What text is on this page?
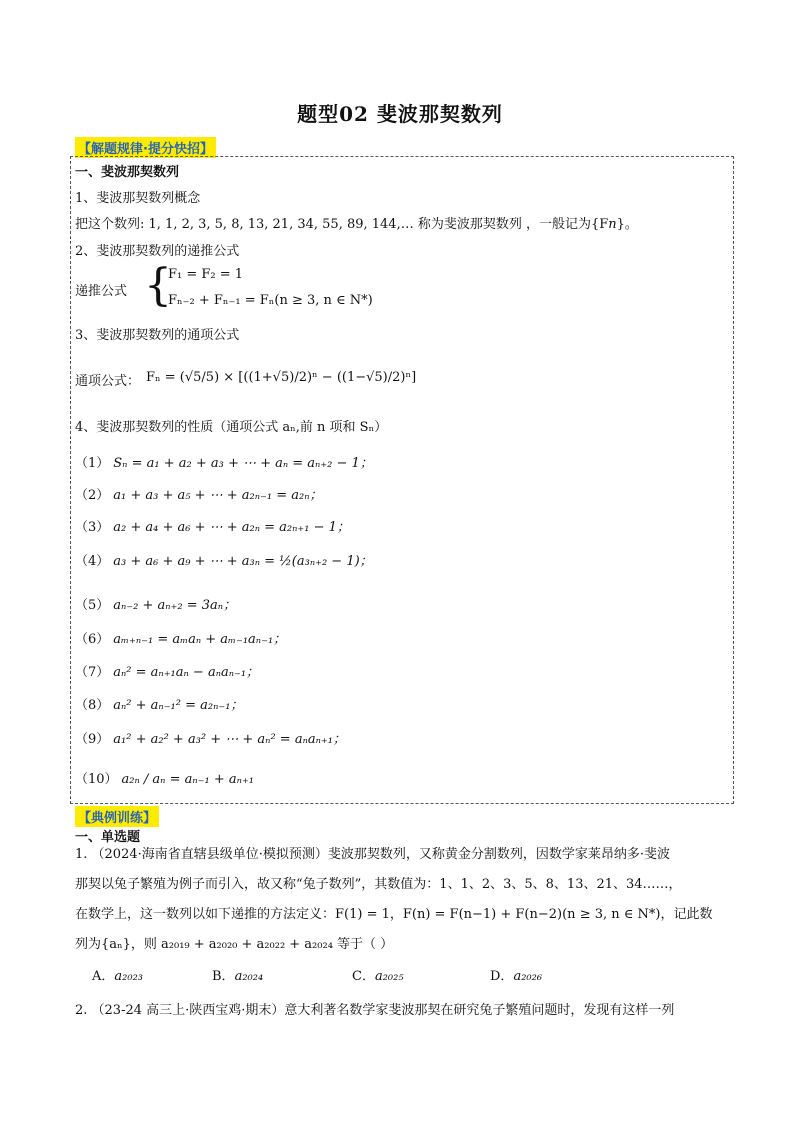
题型02 斐波那契数列
【解题规律·提分快招】
一、斐波那契数列
1、斐波那契数列概念
把这个数列: 1, 1, 2, 3, 5, 8, 13, 21, 34, 55, 89, 144,… 称为斐波那契数列 ，一般记为{Fn}。
2、斐波那契数列的递推公式
递推公式 {
F₁ = F₂ = 1
Fₙ₋₂ + Fₙ₋₁ = Fₙ(n ≥ 3, n ∈ N*)
3、斐波那契数列的通项公式
通项公式： Fₙ = (√5/5) × [((1+√5)/2)ⁿ − ((1−√5)/2)ⁿ]
4、斐波那契数列的性质（通项公式 aₙ,前 n 项和 Sₙ）
（1） Sₙ = a₁ + a₂ + a₃ + ⋯ + aₙ = aₙ₊₂ − 1；
（2） a₁ + a₃ + a₅ + ⋯ + a₂ₙ₋₁ = a₂ₙ；
（3） a₂ + a₄ + a₆ + ⋯ + a₂ₙ = a₂ₙ₊₁ − 1；
（4） a₃ + a₆ + a₉ + ⋯ + a₃ₙ = ½(a₃ₙ₊₂ − 1)；
（5） aₙ₋₂ + aₙ₊₂ = 3aₙ；
（6） aₘ₊ₙ₋₁ = aₘaₙ + aₘ₋₁aₙ₋₁；
（7） aₙ² = aₙ₊₁aₙ − aₙaₙ₋₁；
（8） aₙ² + aₙ₋₁² = a₂ₙ₋₁；
（9） a₁² + a₂² + a₃² + ⋯ + aₙ² = aₙaₙ₊₁；
（10） a₂ₙ / aₙ = aₙ₋₁ + aₙ₊₁
【典例训练】
一、单选题
1. （2024·海南省直辖县级单位·模拟预测）斐波那契数列，又称黄金分割数列，因数学家莱昂纳多·斐波
那契以兔子繁殖为例子而引入，故又称“兔子数列”，其数值为：1、1、2、3、5、8、13、21、34……，
在数学上，这一数列以如下递推的方法定义：F(1) = 1，F(n) = F(n−1) + F(n−2)(n ≥ 3, n ∈ N*)，记此数
列为{aₙ}，则 a₂₀₁₉ + a₂₀₂₀ + a₂₀₂₂ + a₂₀₂₄ 等于（ ）
A．a₂₀₂₃	B．a₂₀₂₄	C．a₂₀₂₅	D．a₂₀₂₆
2. （23-24 高三上·陕西宝鸡·期末）意大利著名数学家斐波那契在研究兔子繁殖问题时，发现有这样一列
